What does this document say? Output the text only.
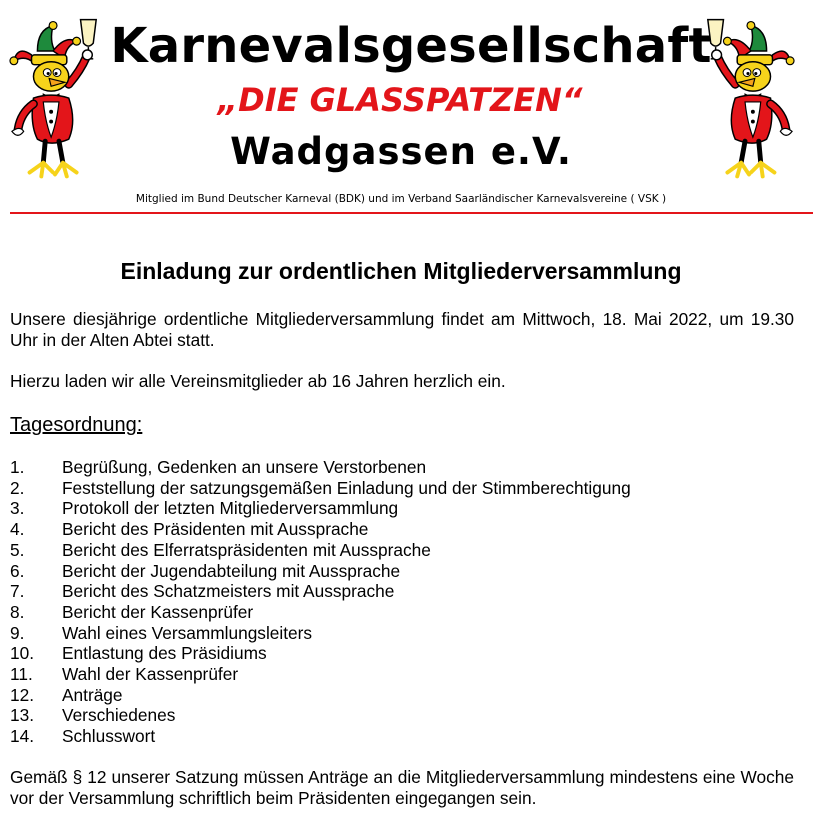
Karnevalsgesellschaft
„DIE GLASSPATZEN“
Wadgassen e.V.
Mitglied im Bund Deutscher Karneval (BDK) und im Verband Saarländischer Karnevalsvereine ( VSK )
Einladung zur ordentlichen Mitgliederversammlung
Unsere diesjährige ordentliche Mitgliederversammlung findet am Mittwoch, 18. Mai 2022, um 19.30 Uhr in der Alten Abtei statt.
Hierzu laden wir alle Vereinsmitglieder ab 16 Jahren herzlich ein.
Tagesordnung:
1. Begrüßung, Gedenken an unsere Verstorbenen
2. Feststellung der satzungsgemäßen Einladung und der Stimmberechtigung
3. Protokoll der letzten Mitgliederversammlung
4. Bericht des Präsidenten mit Aussprache
5. Bericht des Elferratspräsidenten mit Aussprache
6. Bericht der Jugendabteilung mit Aussprache
7. Bericht des Schatzmeisters mit Aussprache
8. Bericht der Kassenprüfer
9. Wahl eines Versammlungsleiters
10. Entlastung des Präsidiums
11. Wahl der Kassenprüfer
12. Anträge
13. Verschiedenes
14. Schlusswort
Gemäß § 12 unserer Satzung müssen Anträge an die Mitgliederversammlung mindestens eine Woche vor der Versammlung schriftlich beim Präsidenten eingegangen sein.
